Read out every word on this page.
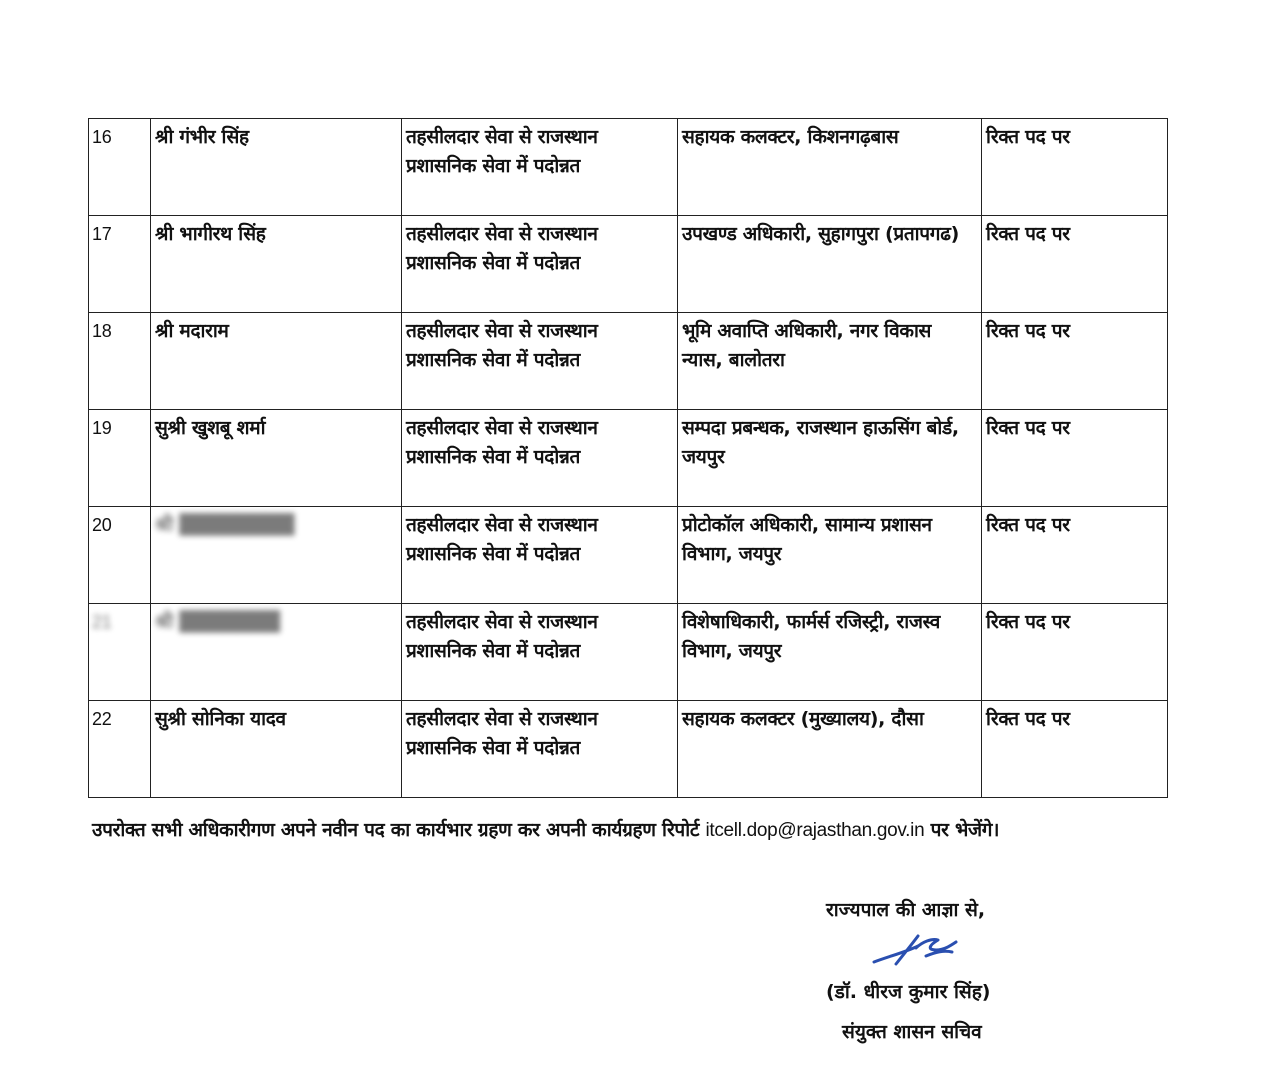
16	श्री गंभीर सिंह	तहसीलदार सेवा से राजस्थान प्रशासनिक सेवा में पदोन्नत	सहायक कलक्टर, किशनगढ़बास	रिक्त पद पर
17	श्री भागीरथ सिंह	तहसीलदार सेवा से राजस्थान प्रशासनिक सेवा में पदोन्नत	उपखण्ड अधिकारी, सुहागपुरा (प्रतापगढ)	रिक्त पद पर
18	श्री मदाराम	तहसीलदार सेवा से राजस्थान प्रशासनिक सेवा में पदोन्नत	भूमि अवाप्ति अधिकारी, नगर विकास न्यास, बालोतरा	रिक्त पद पर
19	सुश्री खुशबू शर्मा	तहसीलदार सेवा से राजस्थान प्रशासनिक सेवा में पदोन्नत	सम्पदा प्रबन्धक, राजस्थान हाऊसिंग बोर्ड, जयपुर	रिक्त पद पर
20	श्री ████████	तहसीलदार सेवा से राजस्थान प्रशासनिक सेवा में पदोन्नत	प्रोटोकॉल अधिकारी, सामान्य प्रशासन विभाग, जयपुर	रिक्त पद पर
21	श्री ███████	तहसीलदार सेवा से राजस्थान प्रशासनिक सेवा में पदोन्नत	विशेषाधिकारी, फार्मर्स रजिस्ट्री, राजस्व विभाग, जयपुर	रिक्त पद पर
22	सुश्री सोनिका यादव	तहसीलदार सेवा से राजस्थान प्रशासनिक सेवा में पदोन्नत	सहायक कलक्टर (मुख्यालय), दौसा	रिक्त पद पर
उपरोक्त सभी अधिकारीगण अपने नवीन पद का कार्यभार ग्रहण कर अपनी कार्यग्रहण रिपोर्ट itcell.dop@rajasthan.gov.in पर भेजेंगे।
राज्यपाल की आज्ञा से,
(डॉ. धीरज कुमार सिंह)
संयुक्त शासन सचिव
